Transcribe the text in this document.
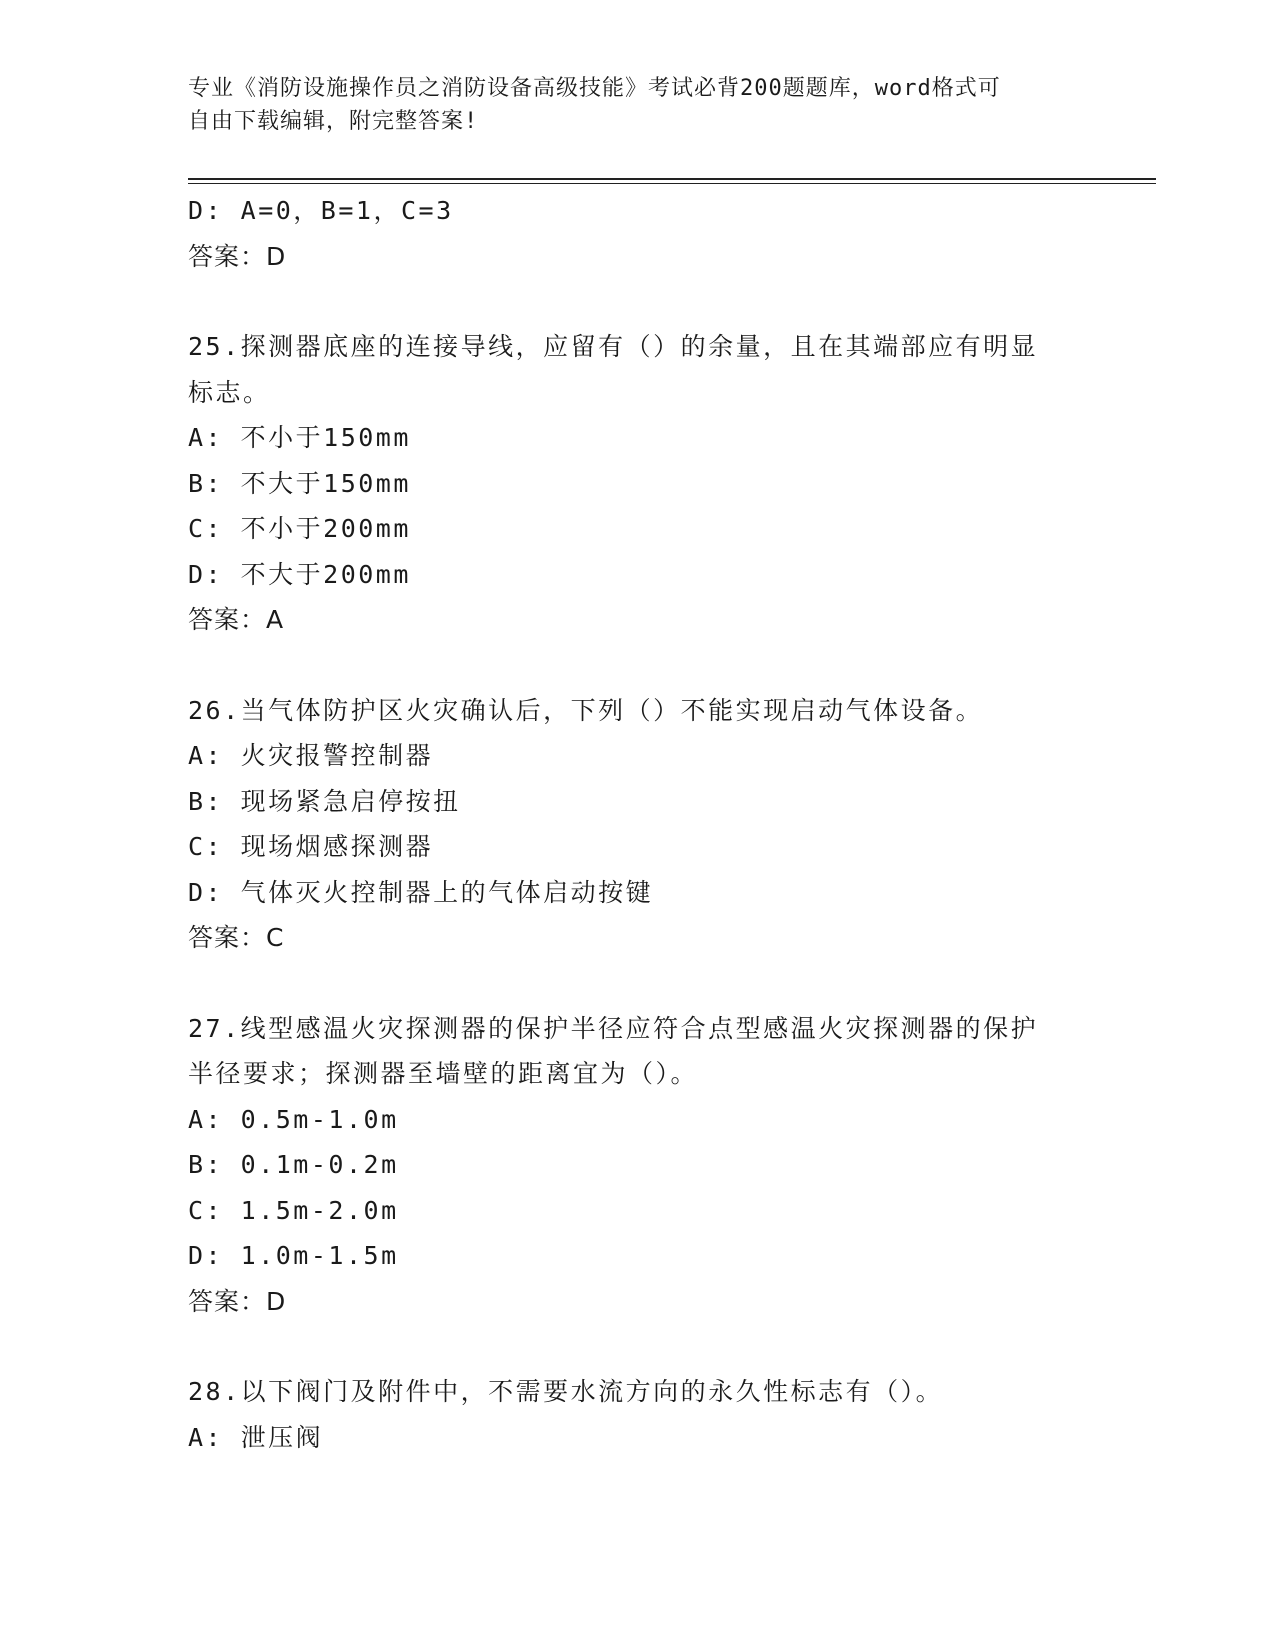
专业《消防设施操作员之消防设备高级技能》考试必背200题题库，word格式可
自由下载编辑，附完整答案!
D: A=0，B=1，C=3
答案：D
25.探测器底座的连接导线，应留有（）的余量，且在其端部应有明显
标志。
A: 不小于150mm
B: 不大于150mm
C: 不小于200mm
D: 不大于200mm
答案：A
26.当气体防护区火灾确认后，下列（）不能实现启动气体设备。
A: 火灾报警控制器
B: 现场紧急启停按扭
C: 现场烟感探测器
D: 气体灭火控制器上的气体启动按键
答案：C
27.线型感温火灾探测器的保护半径应符合点型感温火灾探测器的保护
半径要求；探测器至墙壁的距离宜为（）。
A: 0.5m-1.0m
B: 0.1m-0.2m
C: 1.5m-2.0m
D: 1.0m-1.5m
答案：D
28.以下阀门及附件中，不需要水流方向的永久性标志有（）。
A: 泄压阀
